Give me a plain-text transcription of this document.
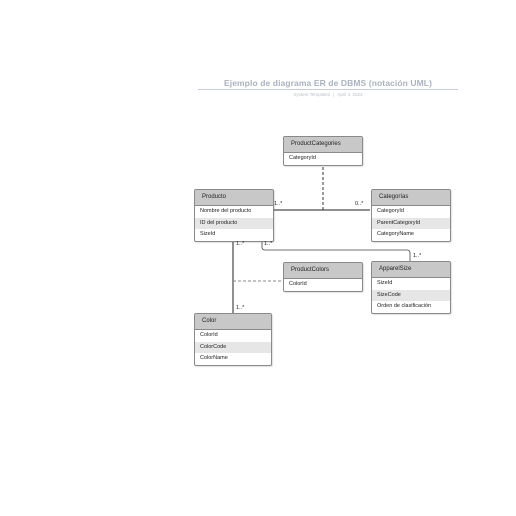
Ejemplo de diagrama ER de DBMS (notación UML)
System Templates | April 4, 2023
ProductCategories
CategoryId
Producto
Nombre del producto
ID del producto
SizeId
Categorías
CategoryId
ParentCategoryId
CategoryName
ProductColors
ColorId
ApparelSize
SizeId
SizeCode
Orden de clasificación
Color
ColorId
ColorCode
ColorName
1..*	0..*
1..*
1..*
1..*
1..*
